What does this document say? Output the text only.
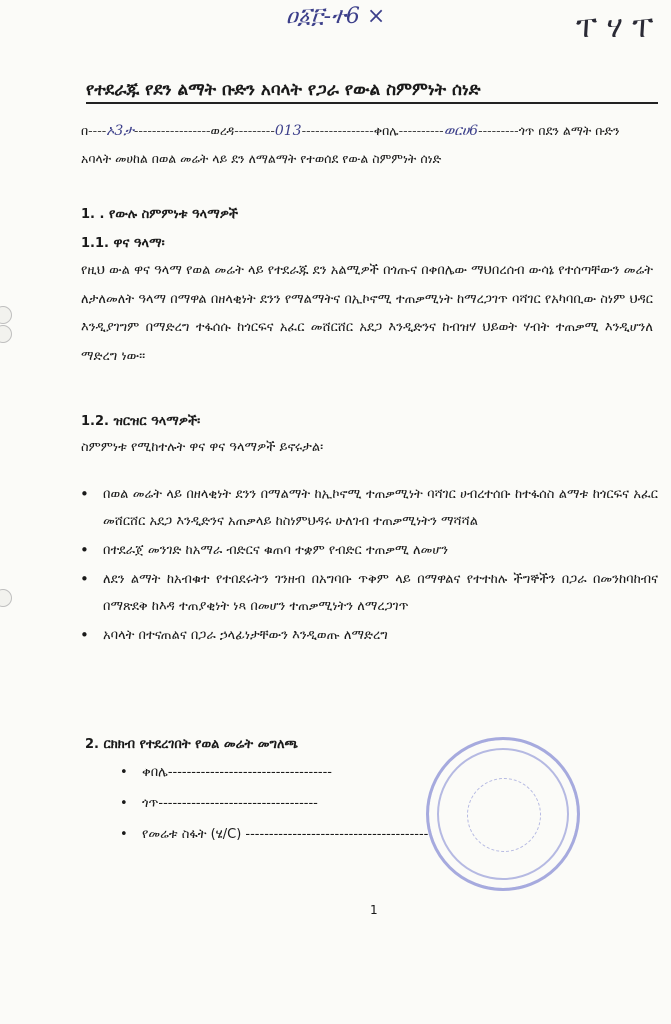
ዐ፩፫-ተ6 ×	ፐ ሃ ፐ
የተደራጁ የደን ልማት ቡድን አባላት የጋራ የውል ስምምነት ሰነድ
በ----ኦ3ታ-----------------ወረዳ---------013----------------ቀበሌ----------ወርሀ6---------ጎጥ በደን ልማት ቡድን
አባላት መሀከል በወል መሬት ላይ ደን ለማልማት የተወሰደ የውል ስምምነት ሰነድ
1. . የውሉ ስምምነቱ ዓላማዎች
1.1. ዋና ዓላማ፡
የዚህ ውል ዋና ዓላማ የወል መሬት ላይ የተደራጁ ደን አልሚዎች በጎጡና በቀበሌው ማህበረሰብ ውሳኔ የተሰጣቸውን መሬት ለታለመለት ዓላማ በማዋል በዘላቂነት ደንን የማልማትና በኢኮኖሚ ተጠቃሚነት ከማረጋገጥ ባሻገር የአካባቢው ስነም ህዳር እንዲያገግም በማድረግ ተፋሰሱ ከጎርፍና አፈር መሸርሸር አደጋ እንዲድንና ከብዝሃ ህይወት ሃብት ተጠቃሚ እንዲሆንለ ማድረግ ነው፡፡
1.2. ዝርዝር ዓላማዎች፡
ስምምነቱ የሚከተሉት ዋና ዋና ዓላማዎች ይኖሩታል፡
• በወል መሬት ላይ በዘላቂነት ደንን በማልማት ከኢኮኖሚ ተጠቃሚነት ባሻገር ሀብረተሰቡ ከተፋሰስ ልማቱ ከጎርፍና አፈር መሸርሸር አደጋ እንዲድንና አጠቃላይ ከስነምህዳሩ ሁለገብ ተጠቃሚነትን ማሻሻል
• በተደራጀ መንገድ ከአማራ ብድርና ቁጠባ ተቋም የብድር ተጠቃሚ ለመሆን
• ለደን ልማት ከአብቁተ የተበደሩትን ገንዘብ በአግባቡ ጥቅም ላይ በማዋልና የተተከሉ ችግኞችን በጋራ በመንከባከብና በማጽደቅ ከእዳ ተጠያቂነት ነጻ በመሆን ተጠቃሚነትን ለማረጋገጥ
• አባላት በተናጠልና በጋራ ኃላፊነታቸውን እንዲወጡ ለማድረግ
2. ርክክብ የተደረገበት የወል መሬት መግለጫ
• ቀበሌ-----------------------------------
• ጎጥ----------------------------------
• የመሬቱ ስፋት (ሄ/C) ---------------------------------------
1
